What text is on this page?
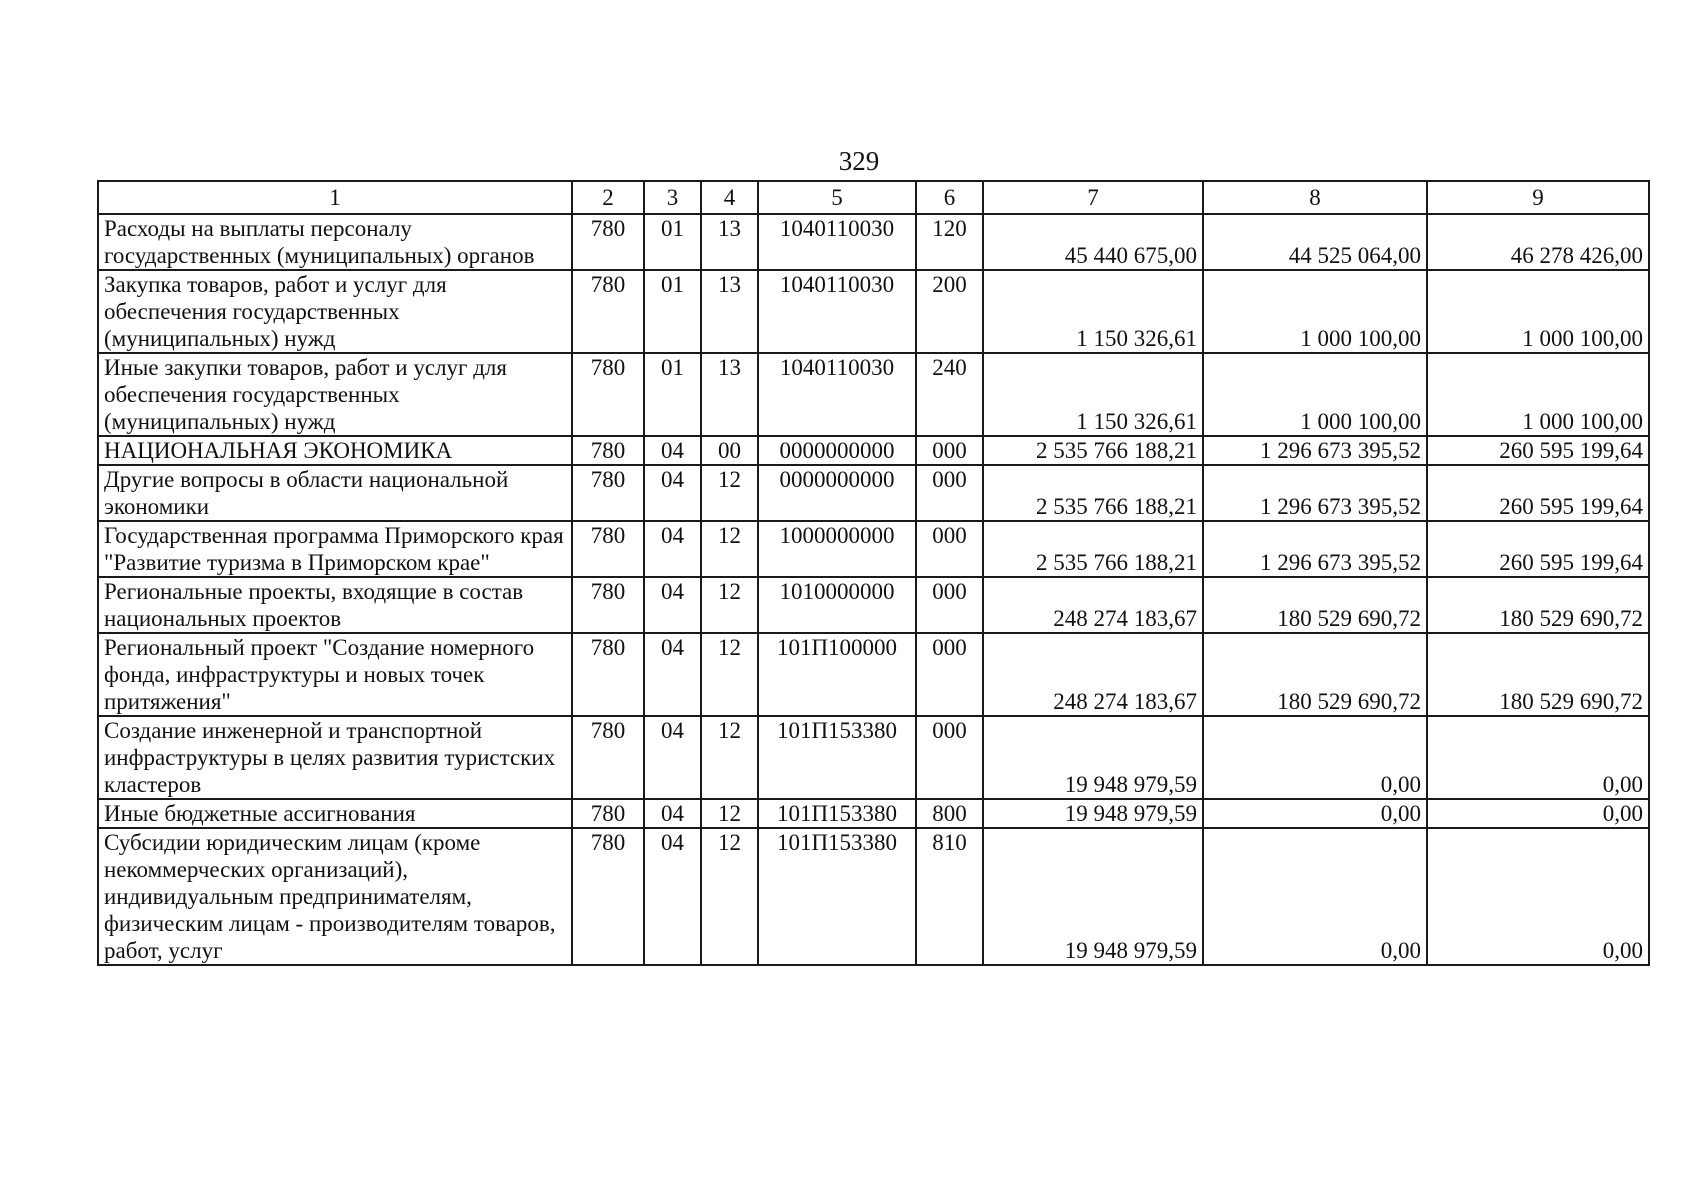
329
1	2	3	4	5	6	7	8	9
Расходы на выплаты персоналу государственных (муниципальных) органов	780	01	13	1040110030	120	45 440 675,00	44 525 064,00	46 278 426,00
Закупка товаров, работ и услуг для обеспечения государственных (муниципальных) нужд	780	01	13	1040110030	200	1 150 326,61	1 000 100,00	1 000 100,00
Иные закупки товаров, работ и услуг для обеспечения государственных (муниципальных) нужд	780	01	13	1040110030	240	1 150 326,61	1 000 100,00	1 000 100,00
НАЦИОНАЛЬНАЯ ЭКОНОМИКА	780	04	00	0000000000	000	2 535 766 188,21	1 296 673 395,52	260 595 199,64
Другие вопросы в области национальной экономики	780	04	12	0000000000	000	2 535 766 188,21	1 296 673 395,52	260 595 199,64
Государственная программа Приморского края "Развитие туризма в Приморском крае"	780	04	12	1000000000	000	2 535 766 188,21	1 296 673 395,52	260 595 199,64
Региональные проекты, входящие в состав национальных проектов	780	04	12	1010000000	000	248 274 183,67	180 529 690,72	180 529 690,72
Региональный проект "Создание номерного фонда, инфраструктуры и новых точек притяжения"	780	04	12	101П100000	000	248 274 183,67	180 529 690,72	180 529 690,72
Создание инженерной и транспортной инфраструктуры в целях развития туристских кластеров	780	04	12	101П153380	000	19 948 979,59	0,00	0,00
Иные бюджетные ассигнования	780	04	12	101П153380	800	19 948 979,59	0,00	0,00
Субсидии юридическим лицам (кроме некоммерческих организаций), индивидуальным предпринимателям, физическим лицам - производителям товаров, работ, услуг	780	04	12	101П153380	810	19 948 979,59	0,00	0,00
